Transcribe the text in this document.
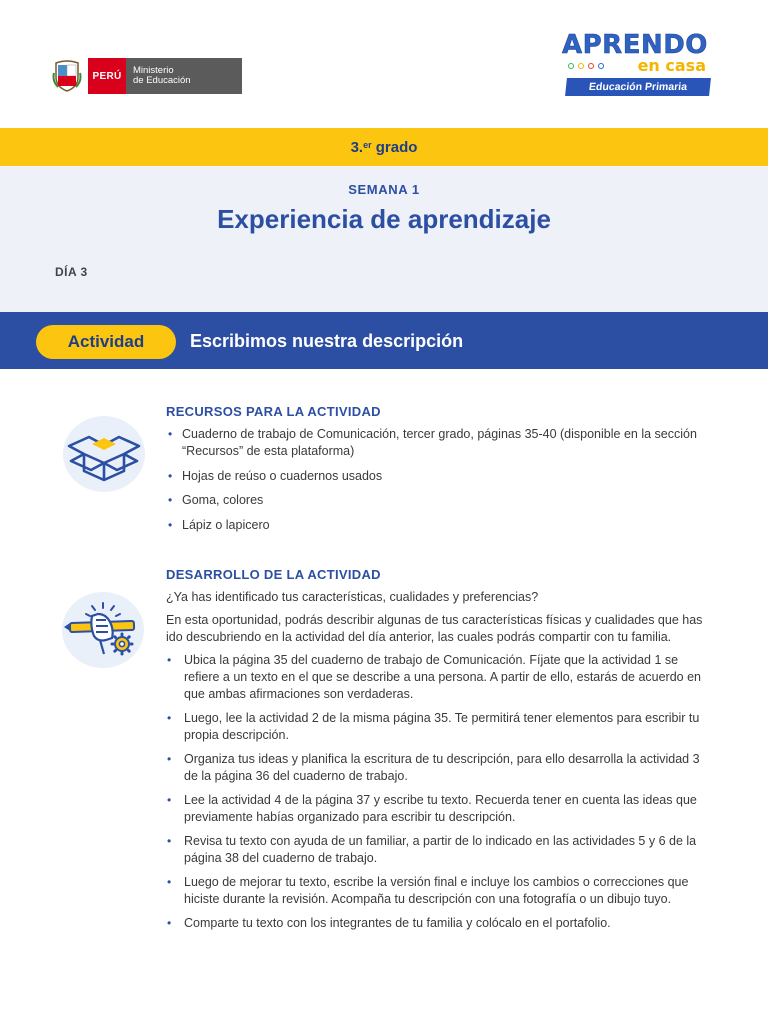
PERÚ	Ministerio
de Educación
APRENDO
en casa
Educación Primaria
3.$^{er}$
grado
SEMANA 1
Experiencia de aprendizaje
DÍA 3
Actividad	Escribimos nuestra descripción
RECURSOS PARA LA ACTIVIDAD
• Cuaderno de trabajo de Comunicación, tercer grado, páginas 35-40 (disponible en la sección “Recursos” de esta plataforma)
• Hojas de reúso o cuadernos usados
• Goma, colores
• Lápiz o lapicero
DESARROLLO DE LA ACTIVIDAD

¿Ya has identificado tus características, cualidades y preferencias?

En esta oportunidad, podrás describir algunas de tus características físicas y cualidades que has ido descubriendo en la actividad del día anterior, las cuales podrás compartir con tu familia.

• Ubica la página 35 del cuaderno de trabajo de Comunicación. Fíjate que la actividad 1 se refiere a un texto en el que se describe a una persona. A partir de ello, estarás de acuerdo en que ambas afirmaciones son verdaderas.
• Luego, lee la actividad 2 de la misma página 35. Te permitirá tener elementos para escribir tu propia descripción.
• Organiza tus ideas y planifica la escritura de tu descripción, para ello desarrolla la actividad 3 de la página 36 del cuaderno de trabajo.
• Lee la actividad 4 de la página 37 y escribe tu texto. Recuerda tener en cuenta las ideas que previamente habías organizado para escribir tu descripción.
• Revisa tu texto con ayuda de un familiar, a partir de lo indicado en las actividades 5 y 6 de la página 38 del cuaderno de trabajo.
• Luego de mejorar tu texto, escribe la versión final e incluye los cambios o correcciones que hiciste durante la revisión. Acompaña tu descripción con una fotografía o un dibujo tuyo.
• Comparte tu texto con los integrantes de tu familia y colócalo en el portafolio.
